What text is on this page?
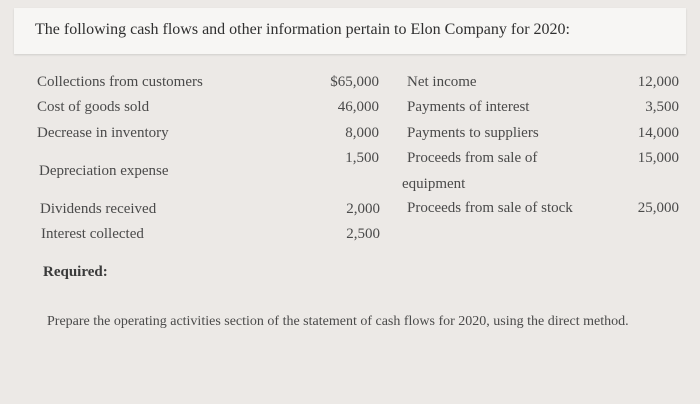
The following cash flows and other information pertain to Elon Company for 2020:
Collections from customers
Cost of goods sold
Decrease in inventory
Depreciation expense
Dividends received
Interest collected
$65,000
46,000
8,000
1,500
2,000
2,500
Net income
Payments of interest
Payments to suppliers
Proceeds from sale of
equipment
Proceeds from sale of stock
12,000
3,500
14,000
15,000
25,000
Required:
Prepare the operating activities section of the statement of cash flows for 2020, using the direct method.
